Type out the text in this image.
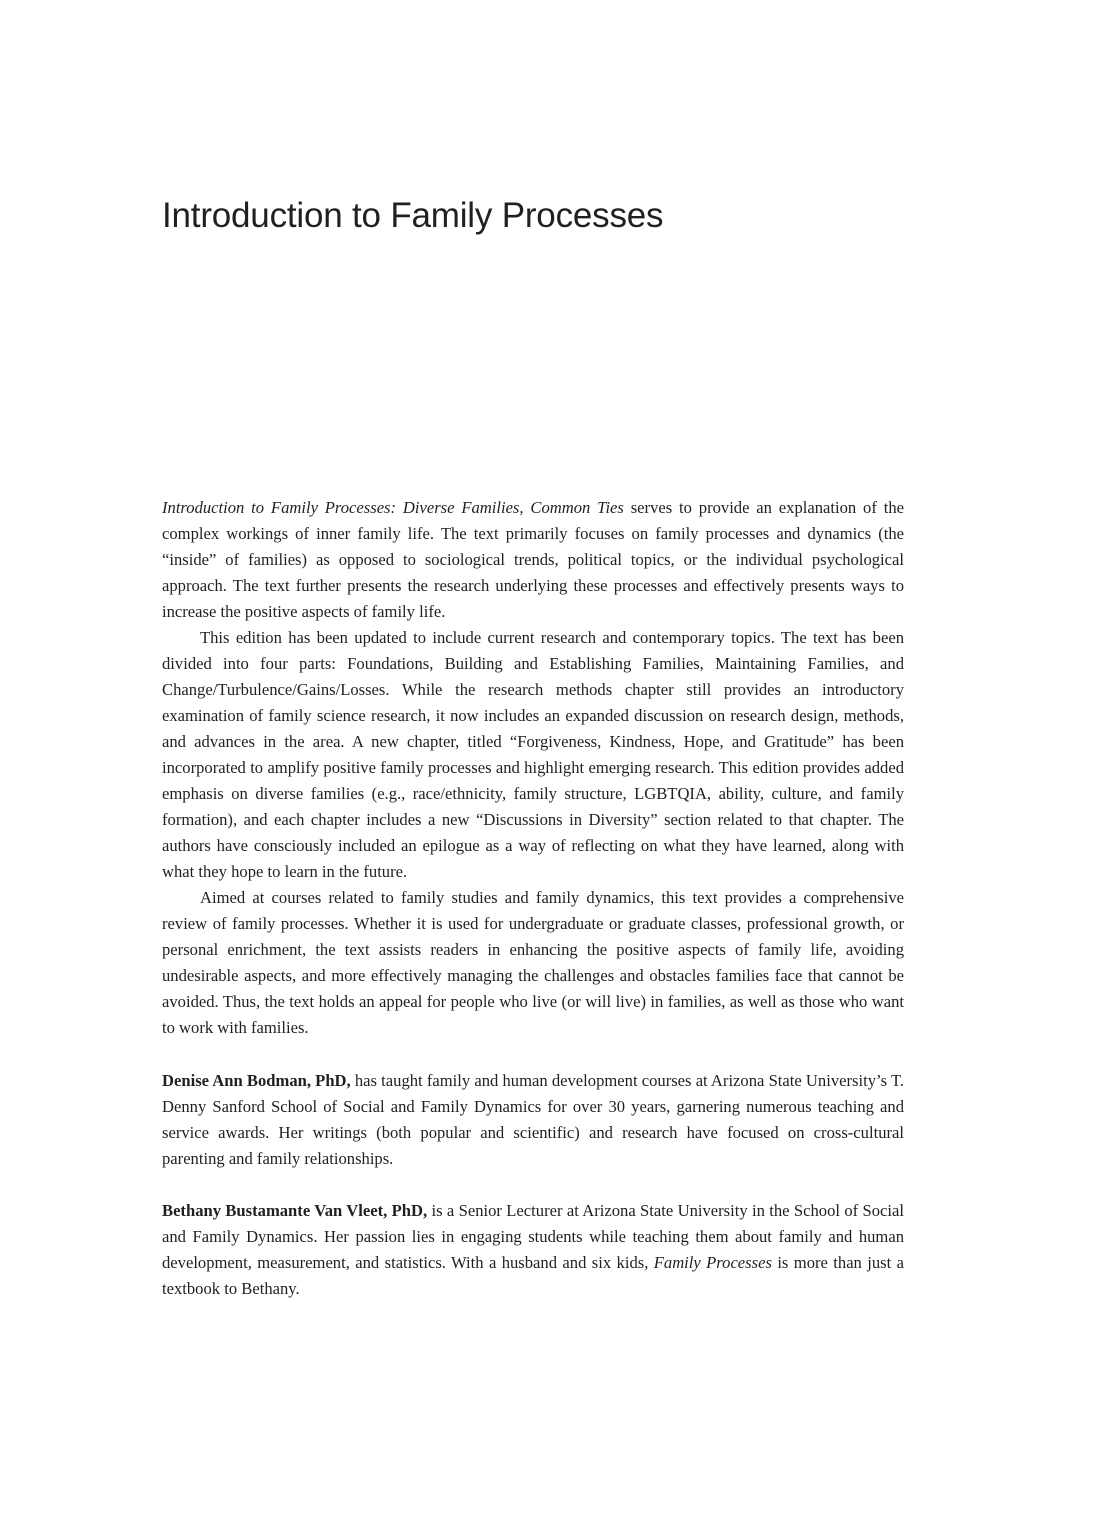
Introduction to Family Processes

Introduction to Family Processes: Diverse Families, Common Ties serves to provide an explanation of the complex workings of inner family life. The text primarily focuses on family processes and dynamics (the “inside” of families) as opposed to sociological trends, political topics, or the individual psychological approach. The text further presents the research underlying these processes and effectively presents ways to increase the positive aspects of family life.

This edition has been updated to include current research and contemporary topics. The text has been divided into four parts: Foundations, Building and Establishing Families, Maintaining Families, and Change/Turbulence/Gains/Losses. While the research methods chapter still provides an introductory examination of family science research, it now includes an expanded discussion on research design, methods, and advances in the area. A new chapter, titled “Forgiveness, Kindness, Hope, and Gratitude” has been incorporated to amplify positive family processes and highlight emerging research. This edition provides added emphasis on diverse families (e.g., race/ethnicity, family structure, LGBTQIA, ability, culture, and family formation), and each chapter includes a new “Discussions in Diversity” section related to that chapter. The authors have consciously included an epilogue as a way of reflecting on what they have learned, along with what they hope to learn in the future.

Aimed at courses related to family studies and family dynamics, this text provides a comprehensive review of family processes. Whether it is used for undergraduate or graduate classes, professional growth, or personal enrichment, the text assists readers in enhancing the positive aspects of family life, avoiding undesirable aspects, and more effectively managing the challenges and obstacles families face that cannot be avoided. Thus, the text holds an appeal for people who live (or will live) in families, as well as those who want to work with families.

Denise Ann Bodman, PhD, has taught family and human development courses at Arizona State University’s T. Denny Sanford School of Social and Family Dynamics for over 30 years, garnering numerous teaching and service awards. Her writings (both popular and scientific) and research have focused on cross-cultural parenting and family relationships.

Bethany Bustamante Van Vleet, PhD, is a Senior Lecturer at Arizona State University in the School of Social and Family Dynamics. Her passion lies in engaging students while teaching them about family and human development, measurement, and statistics. With a husband and six kids, Family Processes is more than just a textbook to Bethany.
